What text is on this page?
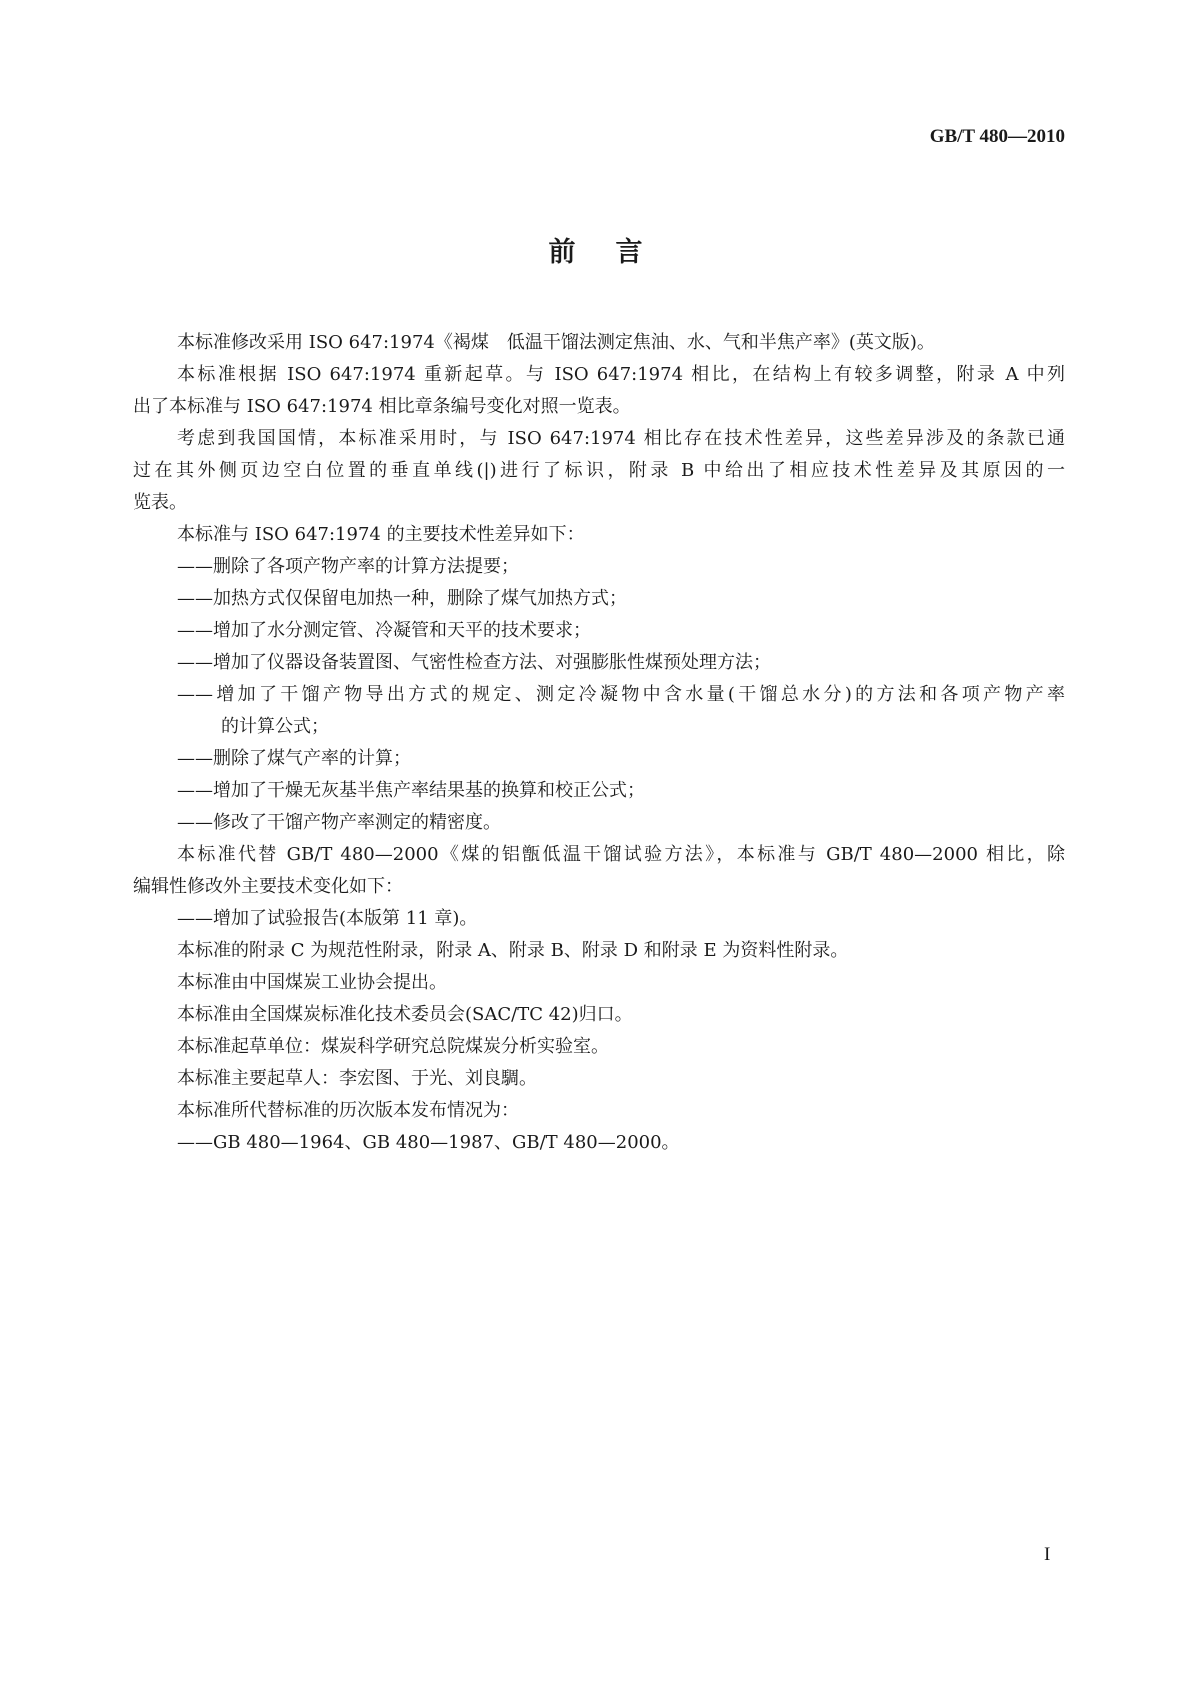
GB/T 480—2010
前言
本标准修改采用 ISO 647:1974《褐煤　低温干馏法测定焦油、水、气和半焦产率》(英文版)。
本标准根据 ISO 647:1974 重新起草。与 ISO 647:1974 相比，在结构上有较多调整，附录 A 中列
出了本标准与 ISO 647:1974 相比章条编号变化对照一览表。
考虑到我国国情，本标准采用时，与 ISO 647:1974 相比存在技术性差异，这些差异涉及的条款已通
过在其外侧页边空白位置的垂直单线(|)进行了标识，附录 B 中给出了相应技术性差异及其原因的一
览表。
本标准与 ISO 647:1974 的主要技术性差异如下：
——删除了各项产物产率的计算方法提要；
——加热方式仅保留电加热一种，删除了煤气加热方式；
——增加了水分测定管、冷凝管和天平的技术要求；
——增加了仪器设备装置图、气密性检查方法、对强膨胀性煤预处理方法；
——增加了干馏产物导出方式的规定、测定冷凝物中含水量(干馏总水分)的方法和各项产物产率
的计算公式；
——删除了煤气产率的计算；
——增加了干燥无灰基半焦产率结果基的换算和校正公式；
——修改了干馏产物产率测定的精密度。
本标准代替 GB/T 480—2000《煤的铝甑低温干馏试验方法》，本标准与 GB/T 480—2000 相比，除
编辑性修改外主要技术变化如下：
——增加了试验报告(本版第 11 章)。
本标准的附录 C 为规范性附录，附录 A、附录 B、附录 D 和附录 E 为资料性附录。
本标准由中国煤炭工业协会提出。
本标准由全国煤炭标准化技术委员会(SAC/TC 42)归口。
本标准起草单位：煤炭科学研究总院煤炭分析实验室。
本标准主要起草人：李宏图、于光、刘良騆。
本标准所代替标准的历次版本发布情况为：
——GB 480—1964、GB 480—1987、GB/T 480—2000。
I
